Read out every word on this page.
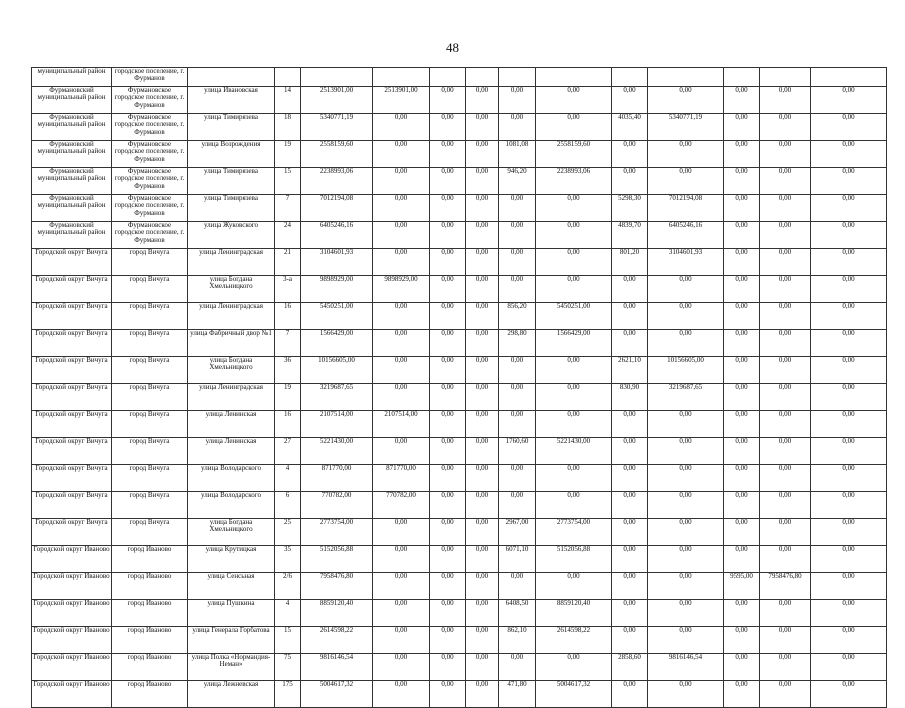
48
муниципальный район	городское поселение, г. Фурманов													
Фурмановский муниципальный район	Фурмановское городское поселение, г. Фурманов	улица Ивановская	14	2513901,00	2513901,00	0,00	0,00	0,00	0,00	0,00	0,00	0,00	0,00	0,00
Фурмановский муниципальный район	Фурмановское городское поселение, г. Фурманов	улица Тимирязева	18	5340771,19	0,00	0,00	0,00	0,00	0,00	4035,40	5340771,19	0,00	0,00	0,00
Фурмановский муниципальный район	Фурмановское городское поселение, г. Фурманов	улица Возрождения	19	2558159,60	0,00	0,00	0,00	1081,08	2558159,60	0,00	0,00	0,00	0,00	0,00
Фурмановский муниципальный район	Фурмановское городское поселение, г. Фурманов	улица Тимирязева	15	2238993,06	0,00	0,00	0,00	946,20	2238993,06	0,00	0,00	0,00	0,00	0,00
Фурмановский муниципальный район	Фурмановское городское поселение, г. Фурманов	улица Тимирязева	7	7012194,08	0,00	0,00	0,00	0,00	0,00	5298,30	7012194,08	0,00	0,00	0,00
Фурмановский муниципальный район	Фурмановское городское поселение, г. Фурманов	улица Жуковского	24	6405246,16	0,00	0,00	0,00	0,00	0,00	4839,70	6405246,16	0,00	0,00	0,00
Городской округ Вичуга	город Вичуга	улица Ленинградская	21	3104601,93	0,00	0,00	0,00	0,00	0,00	801,20	3104601,93	0,00	0,00	0,00
Городской округ Вичуга	город Вичуга	улица Богдана Хмельницкого	3-а	9898929,00	9898929,00	0,00	0,00	0,00	0,00	0,00	0,00	0,00	0,00	0,00
Городской округ Вичуга	город Вичуга	улица Ленинградская	16	5450251,00	0,00	0,00	0,00	856,20	5450251,00	0,00	0,00	0,00	0,00	0,00
Городской округ Вичуга	город Вичуга	улица Фабричный двор №1	7	1566429,00	0,00	0,00	0,00	298,80	1566429,00	0,00	0,00	0,00	0,00	0,00
Городской округ Вичуга	город Вичуга	улица Богдана Хмельницкого	36	10156605,00	0,00	0,00	0,00	0,00	0,00	2621,10	10156605,00	0,00	0,00	0,00
Городской округ Вичуга	город Вичуга	улица Ленинградская	19	3219687,65	0,00	0,00	0,00	0,00	0,00	830,90	3219687,65	0,00	0,00	0,00
Городской округ Вичуга	город Вичуга	улица Ленинская	16	2107514,00	2107514,00	0,00	0,00	0,00	0,00	0,00	0,00	0,00	0,00	0,00
Городской округ Вичуга	город Вичуга	улица Ленинская	27	5221430,00	0,00	0,00	0,00	1760,60	5221430,00	0,00	0,00	0,00	0,00	0,00
Городской округ Вичуга	город Вичуга	улица Володарского	4	871770,00	871770,00	0,00	0,00	0,00	0,00	0,00	0,00	0,00	0,00	0,00
Городской округ Вичуга	город Вичуга	улица Володарского	6	770782,00	770782,00	0,00	0,00	0,00	0,00	0,00	0,00	0,00	0,00	0,00
Городской округ Вичуга	город Вичуга	улица Богдана Хмельницкого	25	2773754,00	0,00	0,00	0,00	2967,00	2773754,00	0,00	0,00	0,00	0,00	0,00
Городской округ Иваново	город Иваново	улица Крутицкая	35	5152056,88	0,00	0,00	0,00	6071,10	5152056,88	0,00	0,00	0,00	0,00	0,00
Городской округ Иваново	город Иваново	улица Сенсьная	2/6	7958476,80	0,00	0,00	0,00	0,00	0,00	0,00	0,00	9595,00	7958476,80	0,00
Городской округ Иваново	город Иваново	улица Пушкина	4	8859120,40	0,00	0,00	0,00	6408,50	8859120,40	0,00	0,00	0,00	0,00	0,00
Городской округ Иваново	город Иваново	улица Генерала Горбатова	15	2614598,22	0,00	0,00	0,00	862,10	2614598,22	0,00	0,00	0,00	0,00	0,00
Городской округ Иваново	город Иваново	улица Полка «Нормандия-Неман»	75	9816146,54	0,00	0,00	0,00	0,00	0,00	2858,60	9816146,54	0,00	0,00	0,00
Городской округ Иваново	город Иваново	улица Лежневская	175	5004617,32	0,00	0,00	0,00	471,80	5004617,32	0,00	0,00	0,00	0,00	0,00
